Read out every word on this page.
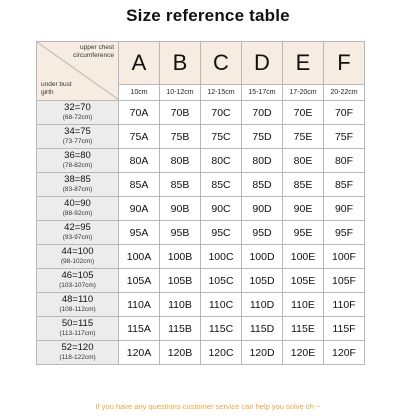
Size reference table
upper chest
circumference
under bust
girth	A	B	C	D	E	F
	10cm	10-12cm	12-15cm	15-17cm	17-20cm	20-22cm

32=70
(68-72cm)	70A	70B	70C	70D	70E	70F

34=75
(73-77cm)	75A	75B	75C	75D	75E	75F

36=80
(78-82cm)	80A	80B	80C	80D	80E	80F

38=85
(83-87cm)	85A	85B	85C	85D	85E	85F

40=90
(88-92cm)	90A	90B	90C	90D	90E	90F

42=95
(93-97cm)	95A	95B	95C	95D	95E	95F

44=100
(98-102cm)	100A	100B	100C	100D	100E	100F

46=105
(103-107cm)	105A	105B	105C	105D	105E	105F

48=110
(108-112cm)	110A	110B	110C	110D	110E	110F

50=115
(113-117cm)	115A	115B	115C	115D	115E	115F

52=120
(118-122cm)	120A	120B	120C	120D	120E	120F
If you have any questions customer service can help you solve oh ~
